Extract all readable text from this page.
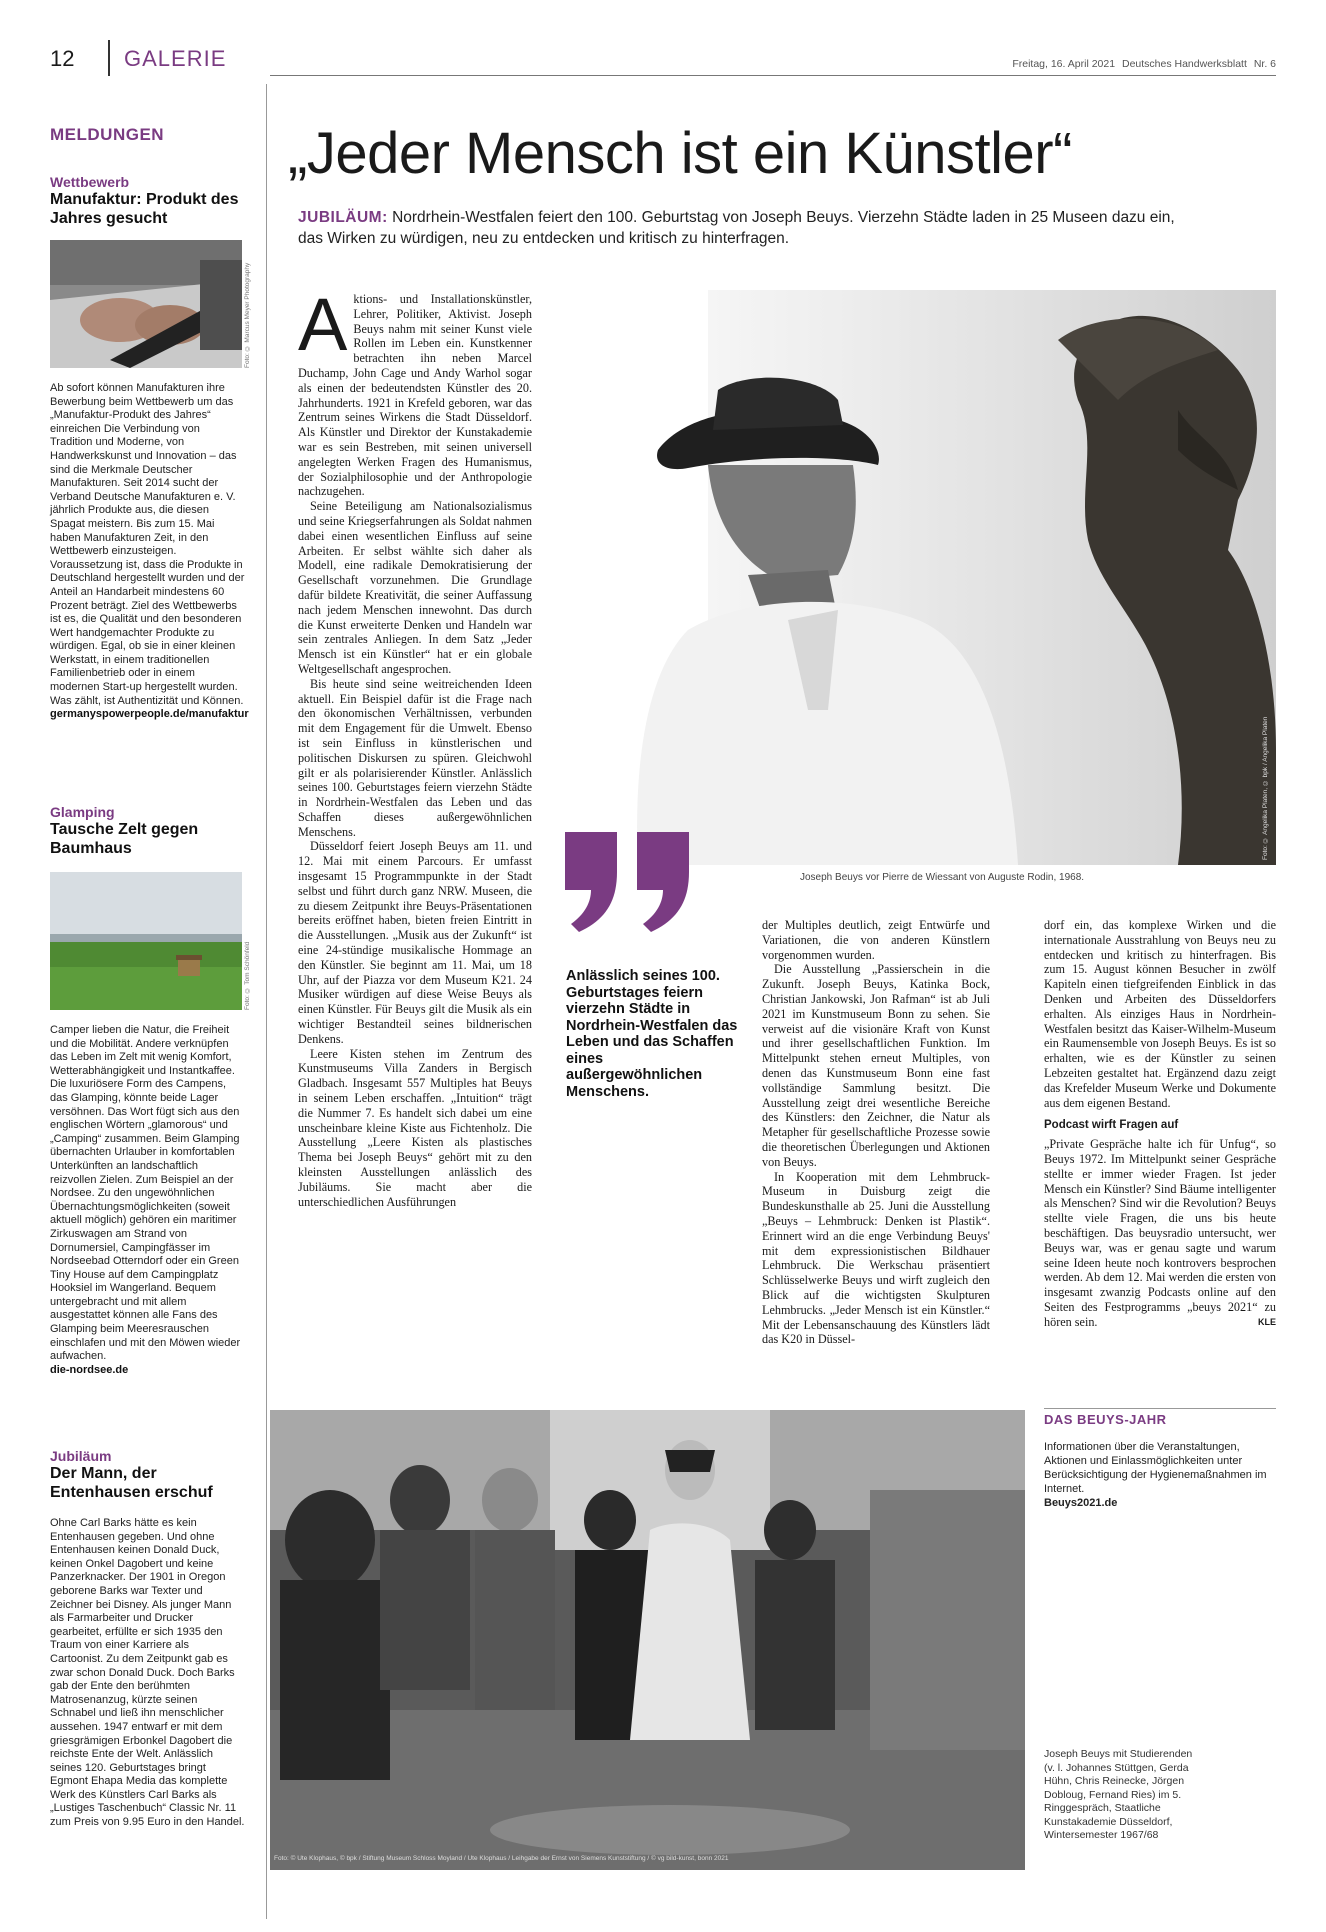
12 GALERIE	Freitag, 16. April 2021 Deutsches Handwerksblatt Nr. 6
MELDUNGEN
Wettbewerb
Manufaktur: Produkt des Jahres gesucht
Foto: © Marcus Meyer Photography

Ab sofort können Manufakturen ihre Bewerbung beim Wettbewerb um das „Manufaktur-Produkt des Jahres“ einreichen Die Verbindung von Tradition und Moderne, von Handwerkskunst und Innovation – das sind die Merkmale Deutscher Manufakturen. Seit 2014 sucht der Verband Deutsche Manufakturen e. V. jährlich Produkte aus, die diesen Spagat meistern. Bis zum 15. Mai haben Manufakturen Zeit, in den Wettbewerb einzusteigen. Voraussetzung ist, dass die Produkte in Deutschland hergestellt wurden und der Anteil an Handarbeit mindestens 60 Prozent beträgt. Ziel des Wettbewerbs ist es, die Qualität und den besonderen Wert handgemachter Produkte zu würdigen. Egal, ob sie in einer kleinen Werkstatt, in einem traditionellen Familienbetrieb oder in einem modernen Start-up hergestellt wurden. Was zählt, ist Authentizität und Können.

germanyspowerpeople.de/manufaktur
Glamping
Tausche Zelt gegen Baumhaus
Foto: © Tom Schönfeld

Camper lieben die Natur, die Freiheit und die Mobilität. Andere verknüpfen das Leben im Zelt mit wenig Komfort, Wetterabhängigkeit und Instantkaffee. Die luxuriösere Form des Campens, das Glamping, könnte beide Lager versöhnen. Das Wort fügt sich aus den englischen Wörtern „glamorous“ und „Camping“ zusammen. Beim Glamping übernachten Urlauber in komfortablen Unterkünften an landschaftlich reizvollen Zielen. Zum Beispiel an der Nordsee. Zu den ungewöhnlichen Übernachtungsmöglichkeiten (soweit aktuell möglich) gehören ein maritimer Zirkuswagen am Strand von Dornumersiel, Campingfässer im Nordseebad Otterndorf oder ein Green Tiny House auf dem Campingplatz Hooksiel im Wangerland. Bequem untergebracht und mit allem ausgestattet können alle Fans des Glamping beim Meeresrauschen einschlafen und mit den Möwen wieder aufwachen.

die-nordsee.de
Jubiläum
Der Mann, der Entenhausen erschuf

Ohne Carl Barks hätte es kein Entenhausen gegeben. Und ohne Entenhausen keinen Donald Duck, keinen Onkel Dagobert und keine Panzerknacker. Der 1901 in Oregon geborene Barks war Texter und Zeichner bei Disney. Als junger Mann als Farmarbeiter und Drucker gearbeitet, erfüllte er sich 1935 den Traum von einer Karriere als Cartoonist. Zu dem Zeitpunkt gab es zwar schon Donald Duck. Doch Barks gab der Ente den berühmten Matrosenanzug, kürzte seinen Schnabel und ließ ihn menschlicher aussehen. 1947 entwarf er mit dem griesgrämigen Erbonkel Dagobert die reichste Ente der Welt. Anlässlich seines 120. Geburtstages bringt Egmont Ehapa Media das komplette Werk des Künstlers Carl Barks als „Lustiges Taschenbuch“ Classic Nr. 11 zum Preis von 9.95 Euro in den Handel.

„Jeder Mensch ist ein Künstler“
JUBILÄUM: Nordrhein-Westfalen feiert den 100. Geburtstag von Joseph Beuys. Vierzehn Städte laden in 25 Museen dazu ein, das Wirken zu würdigen, neu zu entdecken und kritisch zu hinterfragen.
Foto: © Angelika Platen, © bpk / Angelika Platen
Joseph Beuys vor Pierre de Wiessant von Auguste Rodin, 1968.
A ktions- und Installationskünstler, Lehrer, Politiker, Aktivist. Joseph Beuys nahm mit seiner Kunst viele Rollen im Leben ein. Kunstkenner betrachten ihn neben Marcel Duchamp, John Cage und Andy Warhol sogar als einen der bedeutendsten Künstler des 20. Jahrhunderts. 1921 in Krefeld geboren, war das Zentrum seines Wirkens die Stadt Düsseldorf. Als Künstler und Direktor der Kunstakademie war es sein Bestreben, mit seinen universell angelegten Werken Fragen des Humanismus, der Sozialphilosophie und der Anthropologie nachzugehen.

Seine Beteiligung am Nationalsozialismus und seine Kriegserfahrungen als Soldat nahmen dabei einen wesentlichen Einfluss auf seine Arbeiten. Er selbst wählte sich daher als Modell, eine radikale Demokratisierung der Gesellschaft vorzunehmen. Die Grundlage dafür bildete Kreativität, die seiner Auffassung nach jedem Menschen innewohnt. Das durch die Kunst erweiterte Denken und Handeln war sein zentrales Anliegen. In dem Satz „Jeder Mensch ist ein Künstler“ hat er ein globale Weltgesellschaft angesprochen.

Bis heute sind seine weitreichenden Ideen aktuell. Ein Beispiel dafür ist die Frage nach den ökonomischen Verhältnissen, verbunden mit dem Engagement für die Umwelt. Ebenso ist sein Einfluss in künstlerischen und politischen Diskursen zu spüren. Gleichwohl gilt er als polarisierender Künstler. Anlässlich seines 100. Geburtstages feiern vierzehn Städte in Nordrhein-Westfalen das Leben und das Schaffen dieses außergewöhnlichen Menschens.

Düsseldorf feiert Joseph Beuys am 11. und 12. Mai mit einem Parcours. Er umfasst insgesamt 15 Programmpunkte in der Stadt selbst und führt durch ganz NRW. Museen, die zu diesem Zeitpunkt ihre Beuys-Präsentationen bereits eröffnet haben, bieten freien Eintritt in die Ausstellungen. „Musik aus der Zukunft“ ist eine 24-stündige musikalische Hommage an den Künstler. Sie beginnt am 11. Mai, um 18 Uhr, auf der Piazza vor dem Museum K21. 24 Musiker würdigen auf diese Weise Beuys als einen Künstler. Für Beuys gilt die Musik als ein wichtiger Bestandteil seines bildnerischen Denkens.

Leere Kisten stehen im Zentrum des Kunstmuseums Villa Zanders in Bergisch Gladbach. Insgesamt 557 Multiples hat Beuys in seinem Leben erschaffen. „Intuition“ trägt die Nummer 7. Es handelt sich dabei um eine unscheinbare kleine Kiste aus Fichtenholz. Die Ausstellung „Leere Kisten als plastisches Thema bei Joseph Beuys“ gehört mit zu den kleinsten Ausstellungen anlässlich des Jubiläums. Sie macht aber die unterschiedlichen Ausführungen

Anlässlich seines 100. Geburtstages feiern vierzehn Städte in Nordrhein-Westfalen das Leben und das Schaffen eines außergewöhnlichen Menschens.

der Multiples deutlich, zeigt Entwürfe und Variationen, die von anderen Künstlern vorgenommen wurden.

Die Ausstellung „Passierschein in die Zukunft. Joseph Beuys, Katinka Bock, Christian Jankowski, Jon Rafman“ ist ab Juli 2021 im Kunstmuseum Bonn zu sehen. Sie verweist auf die visionäre Kraft von Kunst und ihrer gesellschaftlichen Funktion. Im Mittelpunkt stehen erneut Multiples, von denen das Kunstmuseum Bonn eine fast vollständige Sammlung besitzt. Die Ausstellung zeigt drei wesentliche Bereiche des Künstlers: den Zeichner, die Natur als Metapher für gesellschaftliche Prozesse sowie die theoretischen Überlegungen und Aktionen von Beuys.

In Kooperation mit dem Lehmbruck-Museum in Duisburg zeigt die Bundeskunsthalle ab 25. Juni die Ausstellung „Beuys – Lehmbruck: Denken ist Plastik“. Erinnert wird an die enge Verbindung Beuys' mit dem expressionistischen Bildhauer Lehmbruck. Die Werkschau präsentiert Schlüsselwerke Beuys und wirft zugleich den Blick auf die wichtigsten Skulpturen Lehmbrucks. „Jeder Mensch ist ein Künstler.“ Mit der Lebensanschauung des Künstlers lädt das K20 in Düssel-

dorf ein, das komplexe Wirken und die internationale Ausstrahlung von Beuys neu zu entdecken und kritisch zu hinterfragen. Bis zum 15. August können Besucher in zwölf Kapiteln einen tiefgreifenden Einblick in das Denken und Arbeiten des Düsseldorfers erhalten. Als einziges Haus in Nordrhein-Westfalen besitzt das Kaiser-Wilhelm-Museum ein Raumensemble von Joseph Beuys. Es ist so erhalten, wie es der Künstler zu seinen Lebzeiten gestaltet hat. Ergänzend dazu zeigt das Krefelder Museum Werke und Dokumente aus dem eigenen Bestand.

Podcast wirft Fragen auf

„Private Gespräche halte ich für Unfug“, so Beuys 1972. Im Mittelpunkt seiner Gespräche stellte er immer wieder Fragen. Ist jeder Mensch ein Künstler? Sind Bäume intelligenter als Menschen? Sind wir die Revolution? Beuys stellte viele Fragen, die uns bis heute beschäftigen. Das beuysradio untersucht, wer Beuys war, was er genau sagte und warum seine Ideen heute noch kontrovers besprochen werden. Ab dem 12. Mai werden die ersten von insgesamt zwanzig Podcasts online auf den Seiten des Festprogramms „beuys 2021“ zu hören sein.	KLE

Foto: © Ute Klophaus, © bpk / Stiftung Museum Schloss Moyland / Ute Klophaus / Leihgabe der Ernst von Siemens Kunststiftung / © vg bild-kunst, bonn 2021
DAS BEUYS-JAHR

Informationen über die Veranstaltungen, Aktionen und Einlassmöglichkeiten unter Berücksichtigung der Hygienemaßnahmen im Internet.

Beuys2021.de
Joseph Beuys mit Studierenden (v. l. Johannes Stüttgen, Gerda Hühn, Chris Reinecke, Jörgen Dobloug, Fernand Ries) im 5. Ringgespräch, Staatliche Kunstakademie Düsseldorf, Wintersemester 1967/68
